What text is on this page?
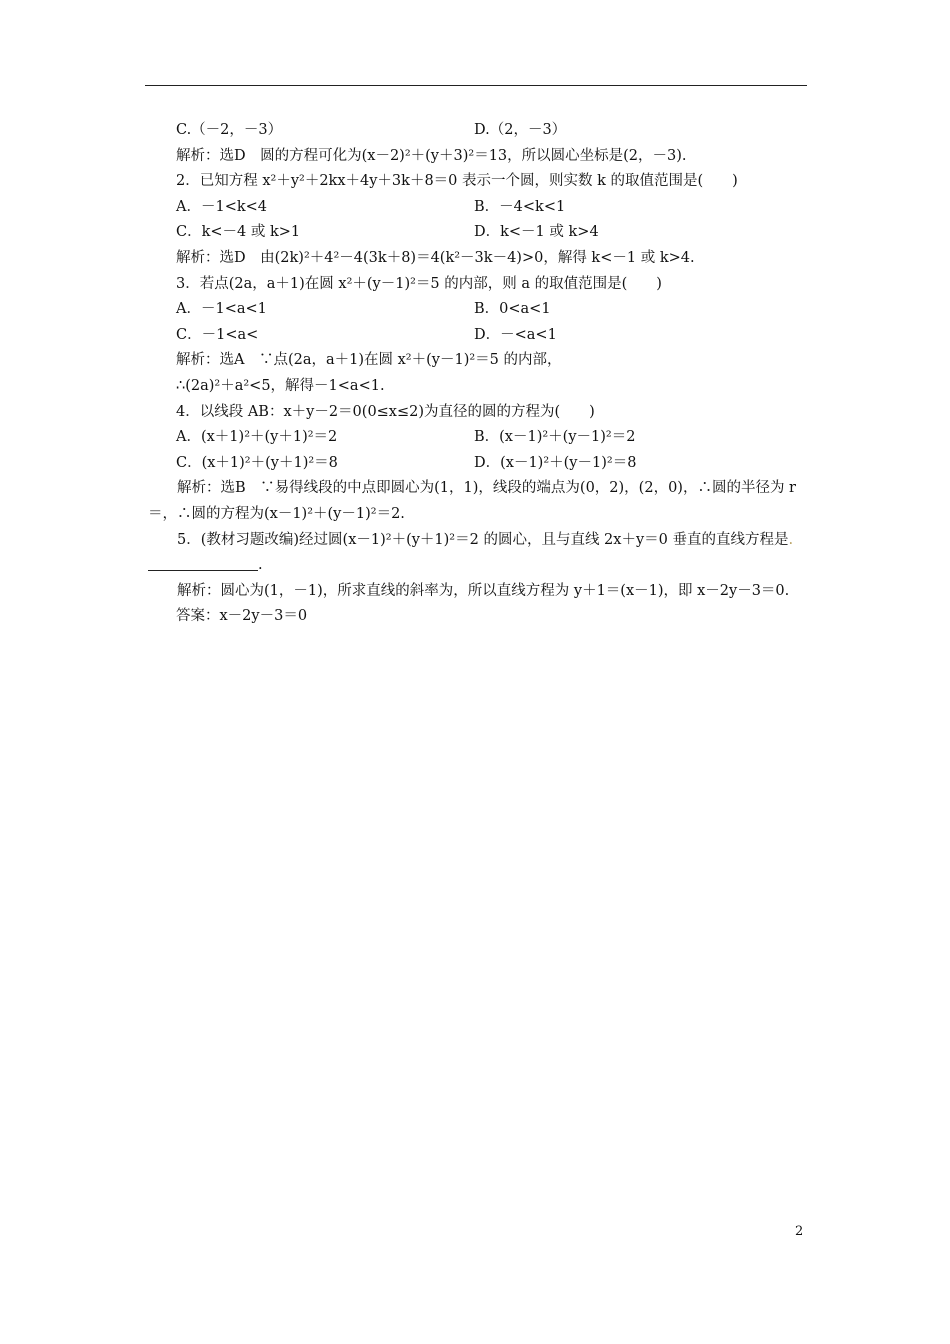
C.（－2，－3）	D.（2，－3）
解析：选D　圆的方程可化为(x－2)²＋(y＋3)²＝13，所以圆心坐标是(2，－3).
2．已知方程 x²＋y²＋2kx＋4y＋3k＋8＝0 表示一个圆，则实数 k 的取值范围是(　　)
A．－1<k<4	B．－4<k<1
C．k<－4 或 k>1	D．k<－1 或 k>4
解析：选D　由(2k)²＋4²－4(3k＋8)＝4(k²－3k－4)>0，解得 k<－1 或 k>4.
3．若点(2a，a＋1)在圆 x²＋(y－1)²＝5 的内部，则 a 的取值范围是(　　)
A．－1<a<1	B．0<a<1
C．－1<a<	D．－<a<1
解析：选A　∵点(2a，a＋1)在圆 x²＋(y－1)²＝5 的内部，
∴(2a)²＋a²<5，解得－1<a<1.
4．以线段 AB：x＋y－2＝0(0≤x≤2)为直径的圆的方程为(　　)
A．(x＋1)²＋(y＋1)²＝2	B．(x－1)²＋(y－1)²＝2
C．(x＋1)²＋(y＋1)²＝8	D．(x－1)²＋(y－1)²＝8
　　解析：选B　∵易得线段的中点即圆心为(1，1)，线段的端点为(0，2)，(2，0)，∴圆的半径为 r＝，∴圆的方程为(x－1)²＋(y－1)²＝2.
　　5．(教材习题改编)经过圆(x－1)²＋(y＋1)²＝2 的圆心，且与直线 2x＋y＝0 垂直的直线方程是..
　　解析：圆心为(1，－1)，所求直线的斜率为，所以直线方程为 y＋1＝(x－1)，即 x－2y－3＝0.
答案：x－2y－3＝0
2
